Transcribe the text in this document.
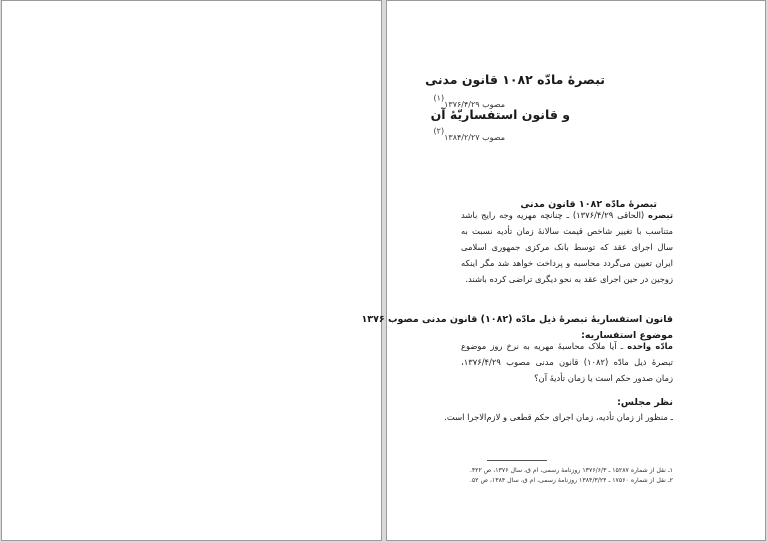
تبصرۀ مادّه ۱۰۸۲ قانون مدنی
مصوب ۱۳۷۶/۴/۲۹$^{(۱)}$
و قانون استفساریّۀ آن
مصوب ۱۳۸۴/۲/۲۷$^{(۲)}$
تبصرۀ مادّه ۱۰۸۲ قانون مدنی
تبصره (الحاقی ۱۳۷۶/۴/۲۹) ـ چنانچه مهریه وجه رایج باشد متناسب با تغییر شاخص قیمت سالانۀ زمان تأدیه نسبت به سال اجرای عقد که توسط بانک مرکزی جمهوری اسلامی ایران تعیین می‌گردد محاسبه و پرداخت خواهد شد مگر اینکه زوجین در حین اجرای عقد به نحو دیگری تراضی کرده باشند.
قانون استفساریۀ تبصرۀ ذیل مادّه (۱۰۸۲) قانون مدنی مصوب ۱۳۷۶
موضوع استفساریه:
مادّه واحده ـ آیا ملاک محاسبۀ مهریه به نرخ روز موضوع تبصرۀ ذیل مادّه (۱۰۸۲) قانون مدنی مصوب ۱۳۷۶/۴/۲۹، زمان صدور حکم است یا زمان تأدیۀ آن؟
نظر مجلس:
ـ منظور از زمان تأدیه، زمان اجرای حکم قطعی و لازم‌الاجرا است.
۱ـ نقل از شماره ۱۵۲۸۷ ـ ۱۳۷۶/۶/۳ روزنامۀ رسمی، ام ق، سال ۱۳۷۶، ص ۴۲۲.
۲ـ نقل از شماره ۱۷۵۶۰ ـ ۱۳۸۴/۳/۲۴ روزنامۀ رسمی، ام ق، سال ۱۳۸۴، ص ۵۲.
